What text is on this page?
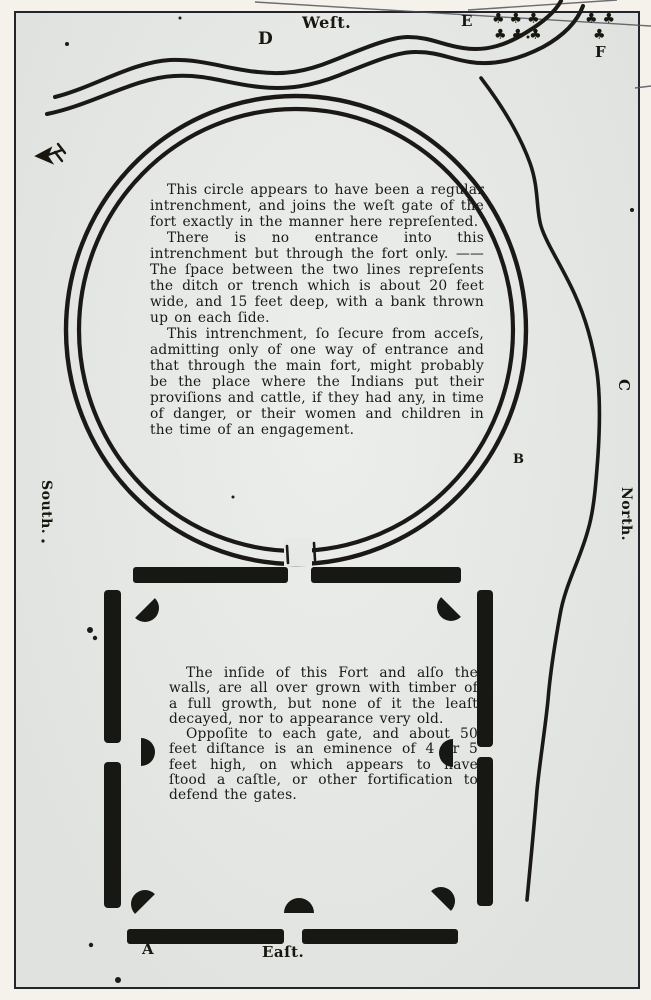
Weſt.
D
E
F
B
C
North.
South.
A	Eaſt.
♣♣♣
♣♣♣
♣♣
♣

This circle appears to have been a regular intrenchment, and joins the weſt gate of the fort exactly in the manner here repreſented.

There is no entrance into this intrenchment but through the fort only. ——The ſpace between the two lines repreſents the ditch or trench which is about 20 feet wide, and 15 feet deep, with a bank thrown up on each ſide.

This intrenchment, ſo ſecure from acceſs, admitting only of one way of entrance and that through the main fort, might probably be the place where the Indians put their proviſions and cattle, if they had any, in time of danger, or their women and children in the time of an engagement.

The inſide of this Fort and alſo the walls, are all over grown with timber of a full growth, but none of it the leaſt decayed, nor to appearance very old.

Oppoſite to each gate, and about 50 feet diſtance is an eminence of 4 or 5 feet high, on which appears to have ſtood a caſtle, or other fortification to defend the gates.
